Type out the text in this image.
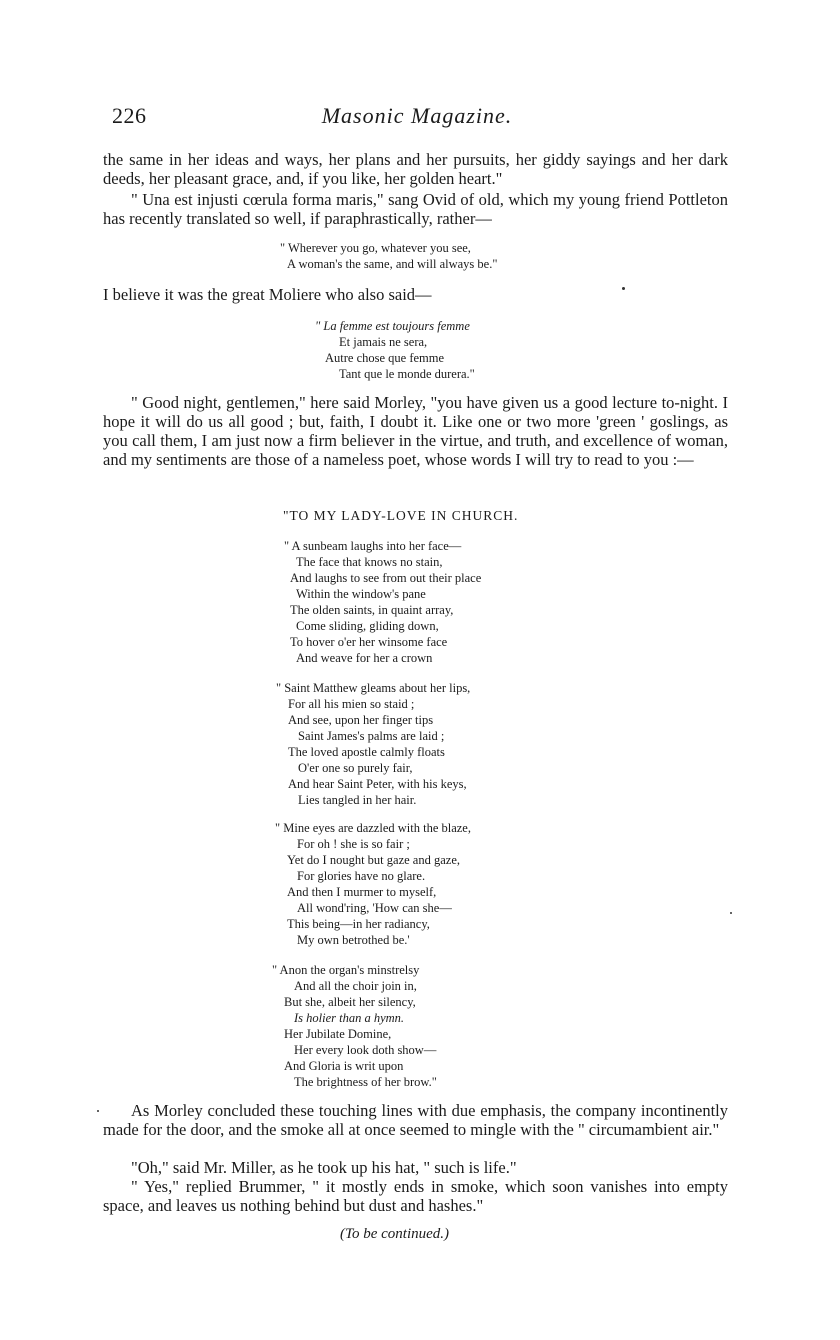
226	Masonic Magazine.

the same in her ideas and ways, her plans and her pursuits, her giddy sayings and her dark deeds, her pleasant grace, and, if you like, her golden heart."

" Una est injusti cœrula forma maris," sang Ovid of old, which my young friend Pottleton has recently translated so well, if paraphrastically, rather—

" Wherever you go, whatever you see,
A woman's the same, and will always be."

I believe it was the great Moliere who also said—

" La femme est toujours femme
Et jamais ne sera,
Autre chose que femme
Tant que le monde durera."

" Good night, gentlemen," here said Morley, "you have given us a good lecture to-night. I hope it will do us all good ; but, faith, I doubt it. Like one or two more 'green ' goslings, as you call them, I am just now a firm believer in the virtue, and truth, and excellence of woman, and my sentiments are those of a nameless poet, whose words I will try to read to you :—

"TO MY LADY-LOVE IN CHURCH.
" A sunbeam laughs into her face—
The face that knows no stain,
And laughs to see from out their place
Within the window's pane
The olden saints, in quaint array,
Come sliding, gliding down,
To hover o'er her winsome face
And weave for her a crown
" Saint Matthew gleams about her lips,
For all his mien so staid ;
And see, upon her finger tips
Saint James's palms are laid ;
The loved apostle calmly floats
O'er one so purely fair,
And hear Saint Peter, with his keys,
Lies tangled in her hair.
" Mine eyes are dazzled with the blaze,
For oh ! she is so fair ;
Yet do I nought but gaze and gaze,
For glories have no glare.
And then I murmer to myself,
All wond'ring, 'How can she—
This being—in her radiancy,
My own betrothed be.'
" Anon the organ's minstrelsy
And all the choir join in,
But she, albeit her silency,
Is holier than a hymn.
Her Jubilate Domine,
Her every look doth show—
And Gloria is writ upon
The brightness of her brow."

As Morley concluded these touching lines with due emphasis, the company incontinently made for the door, and the smoke all at once seemed to mingle with the " circumambient air."

"Oh," said Mr. Miller, as he took up his hat, " such is life."

" Yes," replied Brummer, " it mostly ends in smoke, which soon vanishes into empty space, and leaves us nothing behind but dust and hashes."

(To be continued.)
